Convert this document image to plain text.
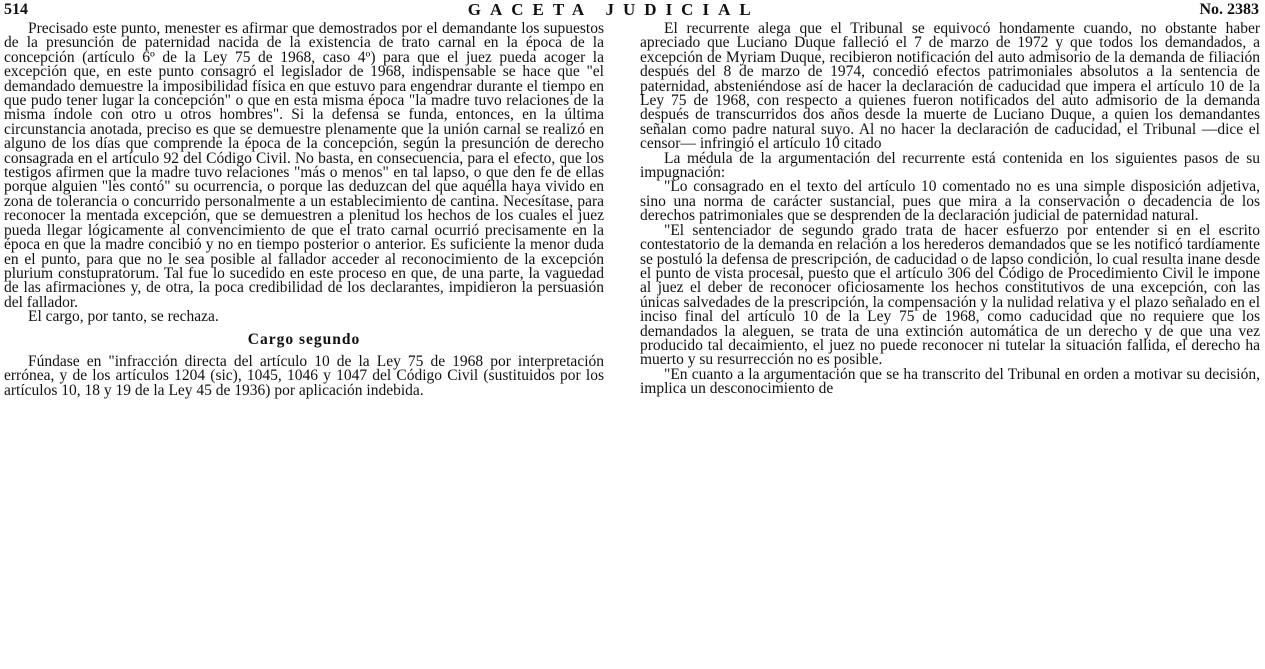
514	GACETA JUDICIAL	No. 2383

Precisado este punto, menester es afirmar que demostrados por el demandante los supuestos de la presunción de paternidad nacida de la existencia de trato carnal en la época de la concepción (artículo 6º de la Ley 75 de 1968, caso 4º) para que el juez pueda acoger la excepción que, en este punto consagró el legislador de 1968, indispensable se hace que "el demandado demuestre la imposibilidad física en que estuvo para engendrar durante el tiempo en que pudo tener lugar la concepción" o que en esta misma época "la madre tuvo relaciones de la misma índole con otro u otros hombres". Si la defensa se funda, entonces, en la última circunstancia anotada, preciso es que se demuestre plenamente que la unión carnal se realizó en alguno de los días que comprende la época de la concepción, según la presunción de derecho consagrada en el artículo 92 del Código Civil. No basta, en consecuencia, para el efecto, que los testigos afirmen que la madre tuvo relaciones "más o menos" en tal lapso, o que den fe de ellas porque alguien "les contó" su ocurrencia, o porque las deduzcan del que aquélla haya vivido en zona de tolerancia o concurrido personalmente a un establecimiento de cantina. Necesítase, para reconocer la mentada excepción, que se demuestren a plenitud los hechos de los cuales el juez pueda llegar lógicamente al convencimiento de que el trato carnal ocurrió precisamente en la época en que la madre concibió y no en tiempo posterior o anterior. Es suficiente la menor duda en el punto, para que no le sea posible al fallador acceder al reconocimiento de la excepción plurium constupratorum. Tal fue lo sucedido en este proceso en que, de una parte, la vaguedad de las afirmaciones y, de otra, la poca credibilidad de los declarantes, impidieron la persuasión del fallador.

El cargo, por tanto, se rechaza.

Cargo segundo

Fúndase en "infracción directa del artículo 10 de la Ley 75 de 1968 por interpretación errónea, y de los artículos 1204 (sic), 1045, 1046 y 1047 del Código Civil (sustituidos por los artículos 10, 18 y 19 de la Ley 45 de 1936) por aplicación indebida.

El recurrente alega que el Tribunal se equivocó hondamente cuando, no obstante haber apreciado que Luciano Duque falleció el 7 de marzo de 1972 y que todos los demandados, a excepción de Myriam Duque, recibieron notificación del auto admisorio de la demanda de filiación después del 8 de marzo de 1974, concedió efectos patrimoniales absolutos a la sentencia de paternidad, absteniéndose así de hacer la declaración de caducidad que impera el artículo 10 de la Ley 75 de 1968, con respecto a quienes fueron notificados del auto admisorio de la demanda después de transcurridos dos años desde la muerte de Luciano Duque, a quien los demandantes señalan como padre natural suyo. Al no hacer la declaración de caducidad, el Tribunal —dice el censor— infringió el artículo 10 citado

La médula de la argumentación del recurrente está contenida en los siguientes pasos de su impugnación:

"Lo consagrado en el texto del artículo 10 comentado no es una simple disposición adjetiva, sino una norma de carácter sustancial, pues que mira a la conservación o decadencia de los derechos patrimoniales que se desprenden de la declaración judicial de paternidad natural.

"El sentenciador de segundo grado trata de hacer esfuerzo por entender si en el escrito contestatorio de la demanda en relación a los herederos demandados que se les notificó tardíamente se postuló la defensa de prescripción, de caducidad o de lapso condición, lo cual resulta inane desde el punto de vista procesal, puesto que el artículo 306 del Código de Procedimiento Civil le impone al juez el deber de reconocer oficiosamente los hechos constitutivos de una excepción, con las únicas salvedades de la prescripción, la compensación y la nulidad relativa y el plazo señalado en el inciso final del artículo 10 de la Ley 75 de 1968, como caducidad que no requiere que los demandados la aleguen, se trata de una extinción automática de un derecho y de que una vez producido tal decaimiento, el juez no puede reconocer ni tutelar la situación fallida, el derecho ha muerto y su resurrección no es posible.

"En cuanto a la argumentación que se ha transcrito del Tribunal en orden a motivar su decisión, implica un desconocimiento de
